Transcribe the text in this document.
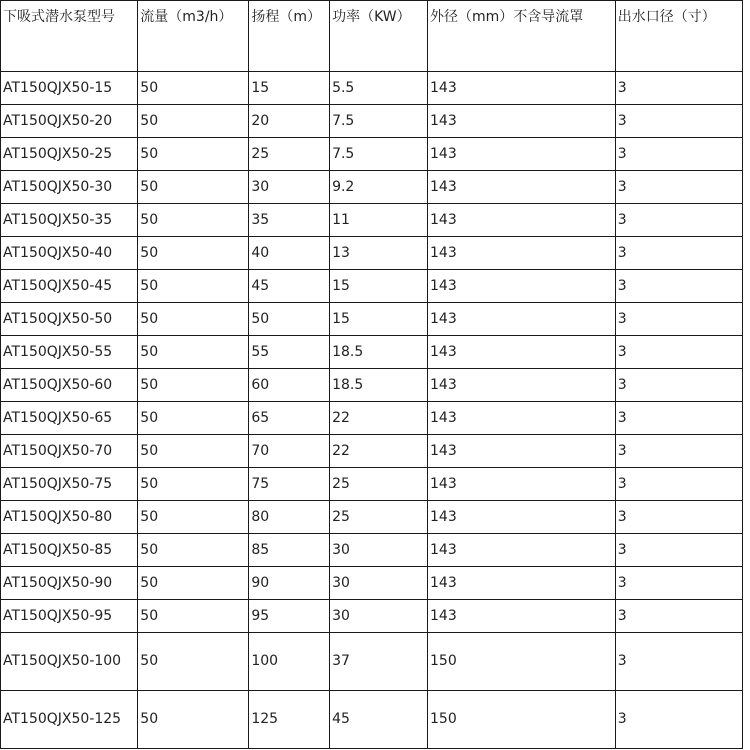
下吸式潜水泵型号	流量（m3/h）	扬程（m）	功率（KW）	外径（mm）不含导流罩	出水口径（寸）
AT150QJX50-15	50	15	5.5	143	3
AT150QJX50-20	50	20	7.5	143	3
AT150QJX50-25	50	25	7.5	143	3
AT150QJX50-30	50	30	9.2	143	3
AT150QJX50-35	50	35	11	143	3
AT150QJX50-40	50	40	13	143	3
AT150QJX50-45	50	45	15	143	3
AT150QJX50-50	50	50	15	143	3
AT150QJX50-55	50	55	18.5	143	3
AT150QJX50-60	50	60	18.5	143	3
AT150QJX50-65	50	65	22	143	3
AT150QJX50-70	50	70	22	143	3
AT150QJX50-75	50	75	25	143	3
AT150QJX50-80	50	80	25	143	3
AT150QJX50-85	50	85	30	143	3
AT150QJX50-90	50	90	30	143	3
AT150QJX50-95	50	95	30	143	3
AT150QJX50-100	50	100	37	150	3
AT150QJX50-125	50	125	45	150	3
